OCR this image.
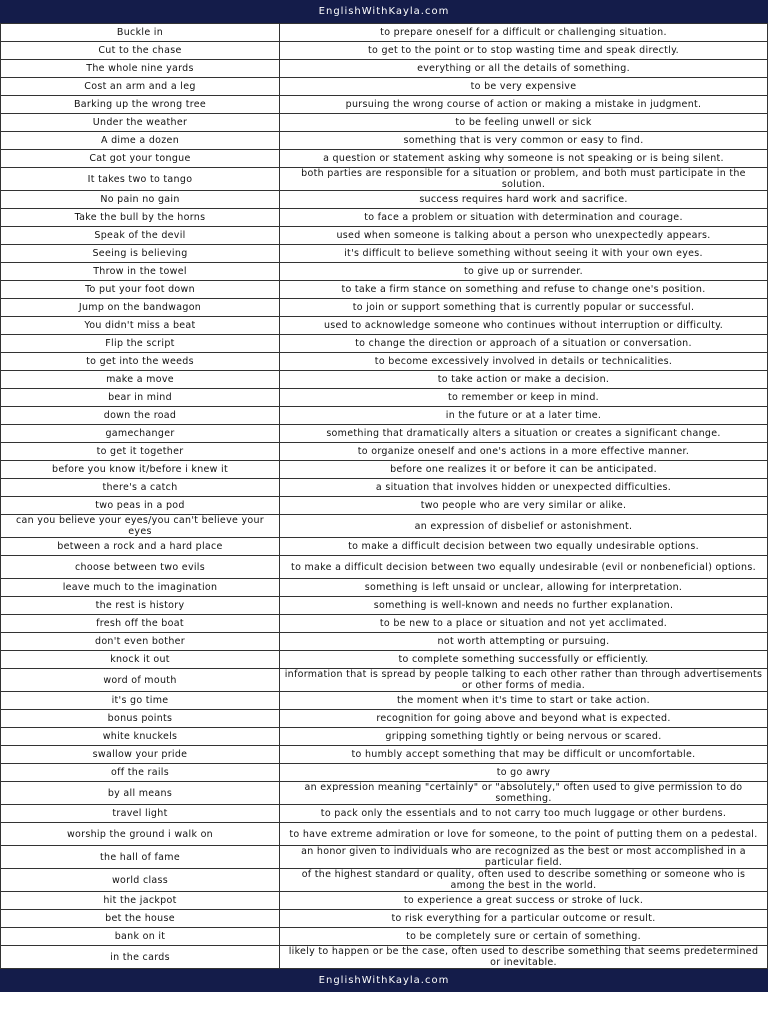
EnglishWithKayla.com
Buckle in	to prepare oneself for a difficult or challenging situation.
Cut to the chase	to get to the point or to stop wasting time and speak directly.
The whole nine yards	everything or all the details of something.
Cost an arm and a leg	to be very expensive
Barking up the wrong tree	pursuing the wrong course of action or making a mistake in judgment.
Under the weather	to be feeling unwell or sick
A dime a dozen	something that is very common or easy to find.
Cat got your tongue	a question or statement asking why someone is not speaking or is being silent.
It takes two to tango	both parties are responsible for a situation or problem, and both must participate in the solution.
No pain no gain	success requires hard work and sacrifice.
Take the bull by the horns	to face a problem or situation with determination and courage.
Speak of the devil	used when someone is talking about a person who unexpectedly appears.
Seeing is believing	it's difficult to believe something without seeing it with your own eyes.
Throw in the towel	to give up or surrender.
To put your foot down	to take a firm stance on something and refuse to change one's position.
Jump on the bandwagon	to join or support something that is currently popular or successful.
You didn't miss a beat	used to acknowledge someone who continues without interruption or difficulty.
Flip the script	to change the direction or approach of a situation or conversation.
to get into the weeds	to become excessively involved in details or technicalities.
make a move	to take action or make a decision.
bear in mind	to remember or keep in mind.
down the road	in the future or at a later time.
gamechanger	something that dramatically alters a situation or creates a significant change.
to get it together	to organize oneself and one's actions in a more effective manner.
before you know it/before i knew it	before one realizes it or before it can be anticipated.
there's a catch	a situation that involves hidden or unexpected difficulties.
two peas in a pod	two people who are very similar or alike.
can you believe your eyes/you can't believe your eyes	an expression of disbelief or astonishment.
between a rock and a hard place	to make a difficult decision between two equally undesirable options.
choose between two evils	to make a difficult decision between two equally undesirable (evil or nonbeneficial) options.
leave much to the imagination	something is left unsaid or unclear, allowing for interpretation.
the rest is history	something is well-known and needs no further explanation.
fresh off the boat	to be new to a place or situation and not yet acclimated.
don't even bother	not worth attempting or pursuing.
knock it out	to complete something successfully or efficiently.
word of mouth	information that is spread by people talking to each other rather than through advertisements or other forms of media.
it's go time	the moment when it's time to start or take action.
bonus points	recognition for going above and beyond what is expected.
white knuckels	gripping something tightly or being nervous or scared.
swallow your pride	to humbly accept something that may be difficult or uncomfortable.
off the rails	to go awry
by all means	an expression meaning "certainly" or "absolutely," often used to give permission to do something.
travel light	to pack only the essentials and to not carry too much luggage or other burdens.
worship the ground i walk on	to have extreme admiration or love for someone, to the point of putting them on a pedestal.
the hall of fame	an honor given to individuals who are recognized as the best or most accomplished in a particular field.
world class	of the highest standard or quality, often used to describe something or someone who is among the best in the world.
hit the jackpot	to experience a great success or stroke of luck.
bet the house	to risk everything for a particular outcome or result.
bank on it	to be completely sure or certain of something.
in the cards	likely to happen or be the case, often used to describe something that seems predetermined or inevitable.
EnglishWithKayla.com
